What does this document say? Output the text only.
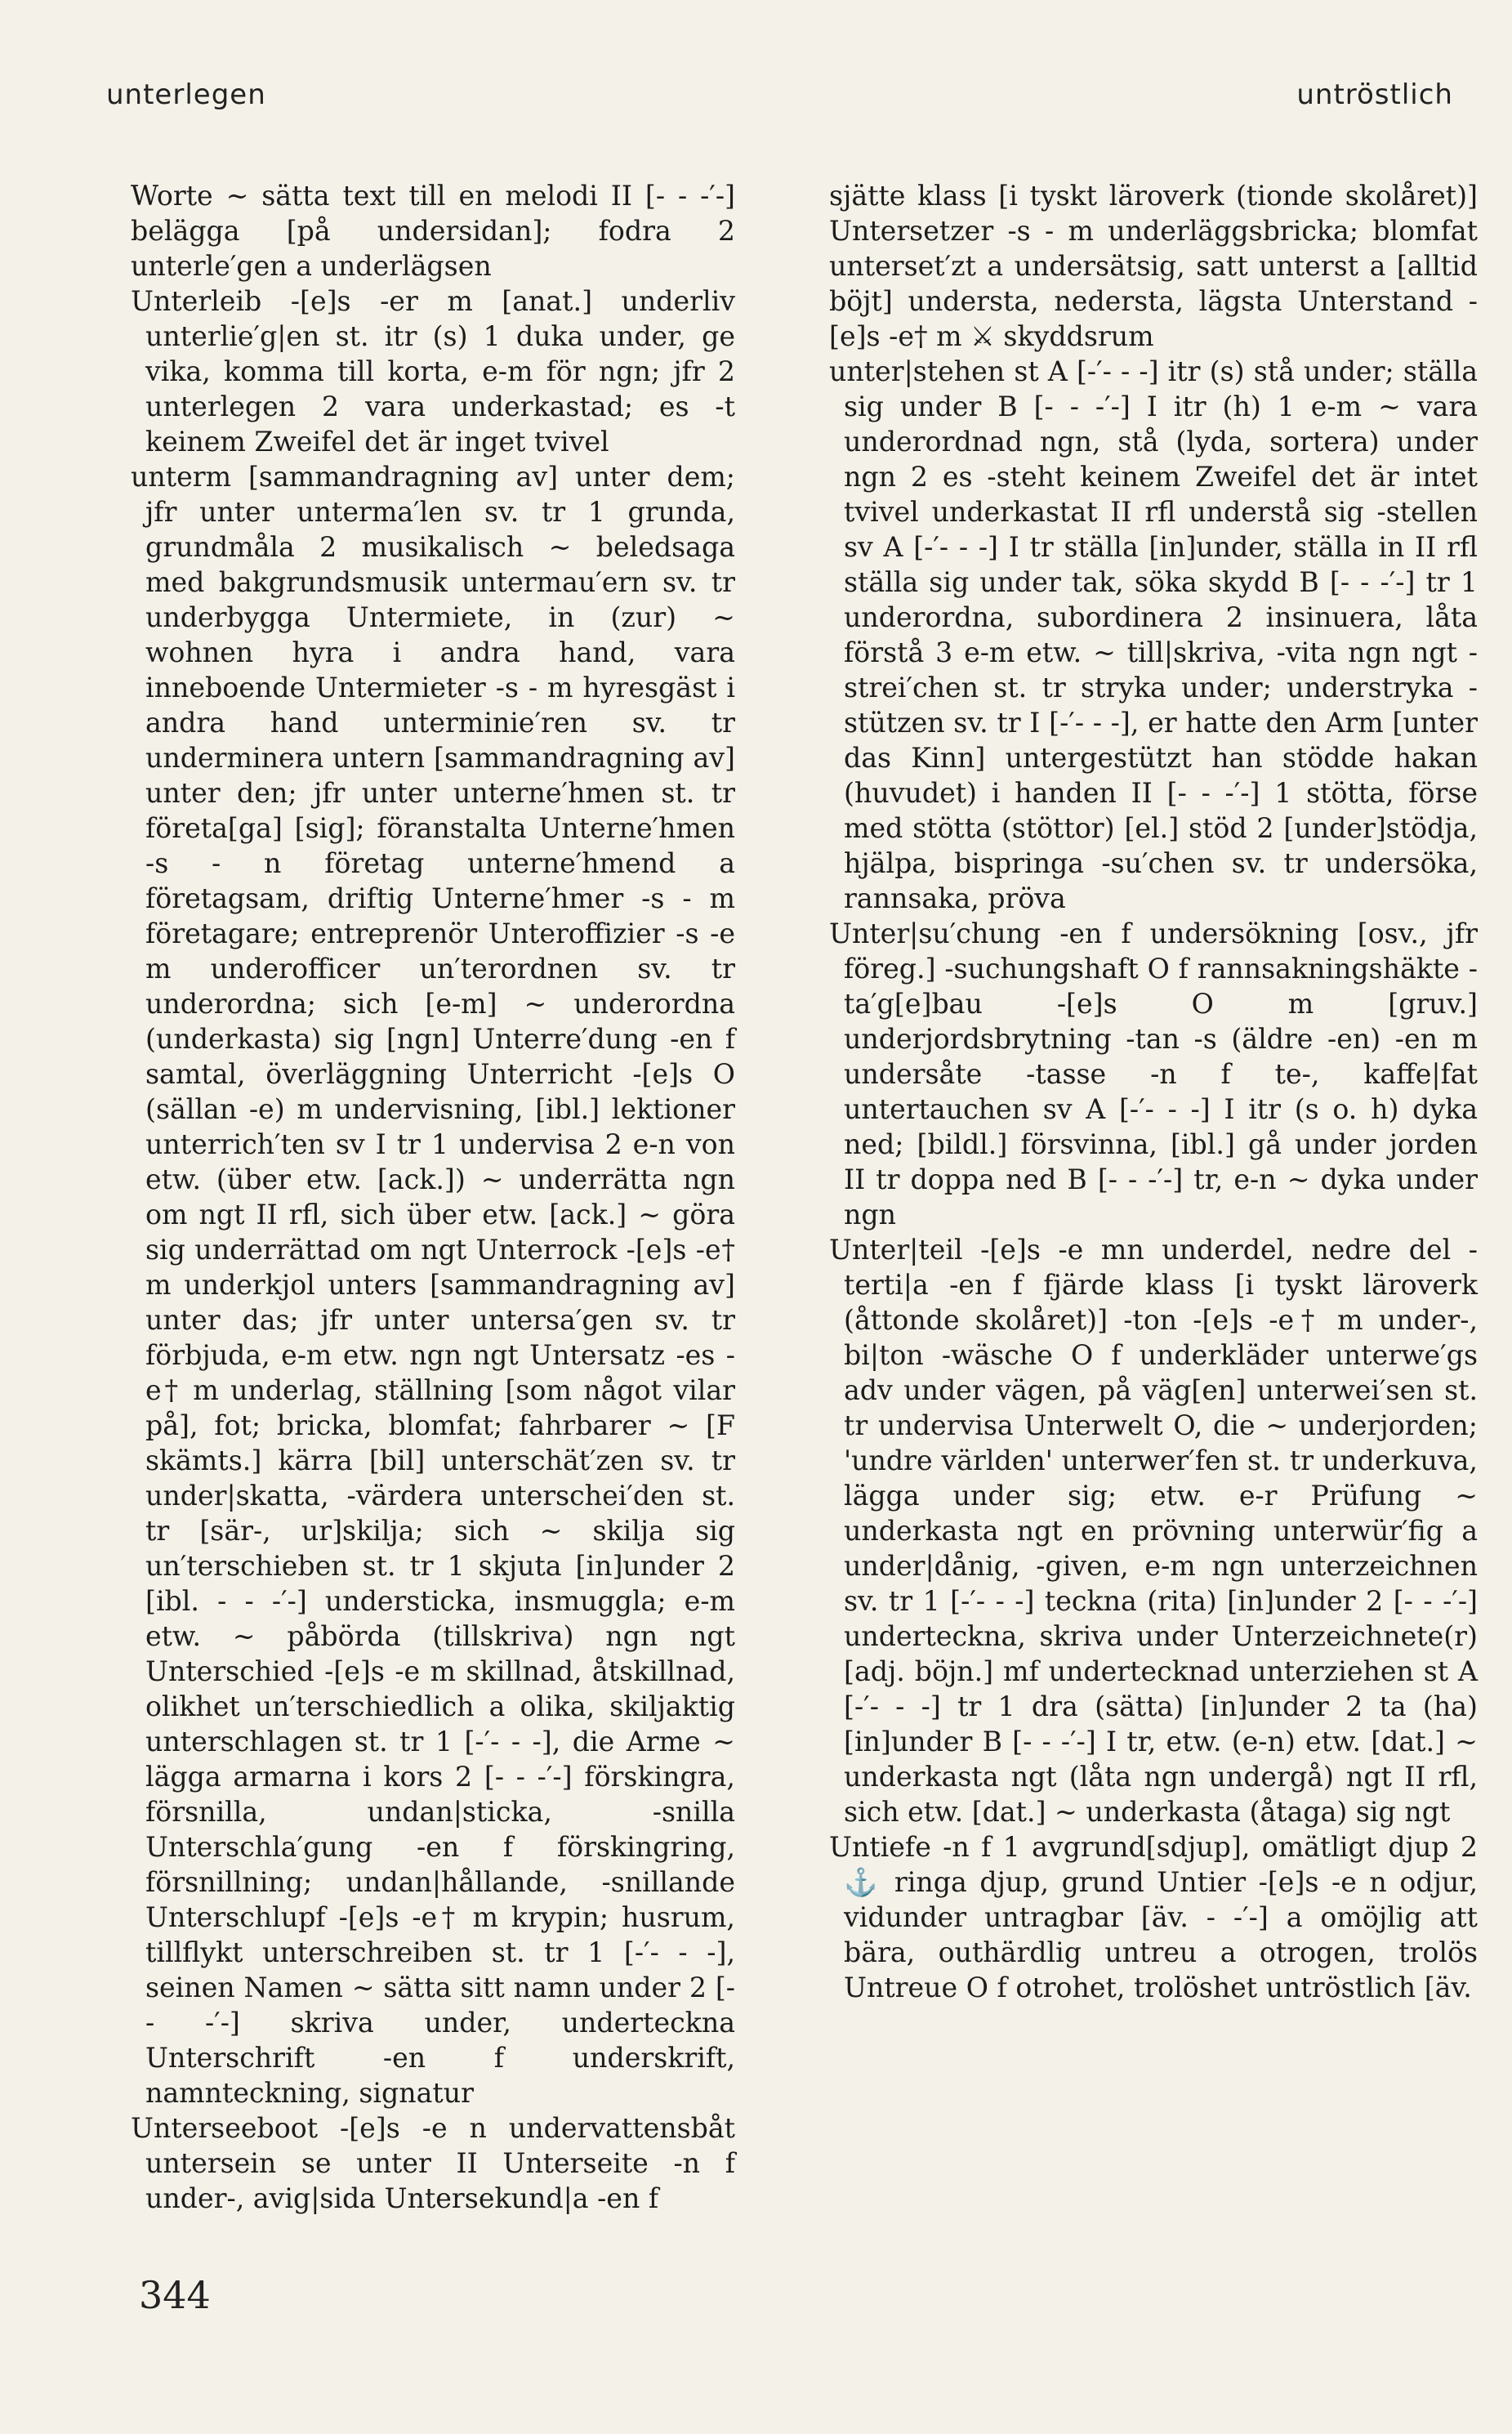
unterlegen	untröstlich

Worte ~ sätta text till en melodi II [- - -′-] belägga [på undersidan]; fodra 2 unterle′gen a underlägsen

Unterleib -[e]s -er m [anat.] underliv unterlie′g|en st. itr (s) 1 duka under, ge vika, komma till korta, e-m för ngn; jfr 2 unterlegen 2 vara underkastad; es -t keinem Zweifel det är inget tvivel

unterm [sammandragning av] unter dem; jfr unter unterma′len sv. tr 1 grunda, grundmåla 2 musikalisch ~ beledsaga med bakgrundsmusik untermau′ern sv. tr underbygga Untermiete, in (zur) ~ wohnen hyra i andra hand, vara inneboende Untermieter -s - m hyresgäst i andra hand unterminie′ren sv. tr underminera untern [sammandragning av] unter den; jfr unter unterne′hmen st. tr företa[ga] [sig]; föranstalta Unterne′hmen -s - n företag unterne′hmend a företagsam, driftig Unterne′hmer -s - m företagare; entreprenör Unteroffizier -s -e m underofficer un′terordnen sv. tr underordna; sich [e-m] ~ underordna (underkasta) sig [ngn] Unterre′dung -en f samtal, överläggning Unterricht -[e]s O (sällan -e) m undervisning, [ibl.] lektioner unterrich′ten sv I tr 1 undervisa 2 e-n von etw. (über etw. [ack.]) ~ underrätta ngn om ngt II rfl, sich über etw. [ack.] ~ göra sig underrättad om ngt Unterrock -[e]s -e† m underkjol unters [sammandragning av] unter das; jfr unter untersa′gen sv. tr förbjuda, e-m etw. ngn ngt Untersatz -es -e† m underlag, ställning [som något vilar på], fot; bricka, blomfat; fahrbarer ~ [F skämts.] kärra [bil] unterschät′zen sv. tr under|skatta, -värdera unterschei′den st. tr [sär-, ur]skilja; sich ~ skilja sig un′terschieben st. tr 1 skjuta [in]under 2 [ibl. - - -′-] understicka, insmuggla; e-m etw. ~ påbörda (tillskriva) ngn ngt Unterschied -[e]s -e m skillnad, åtskillnad, olikhet un′terschiedlich a olika, skiljaktig unterschlagen st. tr 1 [-′- - -], die Arme ~ lägga armarna i kors 2 [- - -′-] förskingra, försnilla, undan|sticka, -snilla Unterschla′gung -en f förskingring, försnillning; undan|hållande, -snillande Unterschlupf -[e]s -e† m krypin; husrum, tillflykt unterschreiben st. tr 1 [-′- - -], seinen Namen ~ sätta sitt namn under 2 [- - -′-] skriva under, underteckna Unterschrift -en f underskrift, namnteckning, signatur

Unterseeboot -[e]s -e n undervattensbåt untersein se unter II Unterseite -n f under-, avig|sida Untersekund|a -en f

sjätte klass [i tyskt läroverk (tionde skolåret)] Untersetzer -s - m underläggsbricka; blomfat unterset′zt a undersätsig, satt unterst a [alltid böjt] understa, nedersta, lägsta Unterstand -[e]s -e† m ⚔ skyddsrum

unter|stehen st A [-′- - -] itr (s) stå under; ställa sig under B [- - -′-] I itr (h) 1 e-m ~ vara underordnad ngn, stå (lyda, sortera) under ngn 2 es -steht keinem Zweifel det är intet tvivel underkastat II rfl understå sig -stellen sv A [-′- - -] I tr ställa [in]under, ställa in II rfl ställa sig under tak, söka skydd B [- - -′-] tr 1 underordna, subordinera 2 insinuera, låta förstå 3 e-m etw. ~ till|skriva, -vita ngn ngt -strei′chen st. tr stryka under; understryka -stützen sv. tr I [-′- - -], er hatte den Arm [unter das Kinn] untergestützt han stödde hakan (huvudet) i handen II [- - -′-] 1 stötta, förse med stötta (stöttor) [el.] stöd 2 [under]stödja, hjälpa, bispringa -su′chen sv. tr undersöka, rannsaka, pröva

Unter|su′chung -en f undersökning [osv., jfr föreg.] -suchungshaft O f rannsakningshäkte -ta′g[e]bau -[e]s O m [gruv.] underjordsbrytning -tan -s (äldre -en) -en m undersåte -tasse -n f te-, kaffe|fat untertauchen sv A [-′- - -] I itr (s o. h) dyka ned; [bildl.] försvinna, [ibl.] gå under jorden II tr doppa ned B [- - -′-] tr, e-n ~ dyka under ngn

Unter|teil -[e]s -e mn underdel, nedre del -terti|a -en f fjärde klass [i tyskt läroverk (åttonde skolåret)] -ton -[e]s -e† m under-, bi|ton -wäsche O f underkläder unterwe′gs adv under vägen, på väg[en] unterwei′sen st. tr undervisa Unterwelt O, die ~ underjorden; 'undre världen' unterwer′fen st. tr underkuva, lägga under sig; etw. e-r Prüfung ~ underkasta ngt en prövning unterwür′fig a under|dånig, -given, e-m ngn unterzeichnen sv. tr 1 [-′- - -] teckna (rita) [in]under 2 [- - -′-] underteckna, skriva under Unterzeichnete(r) [adj. böjn.] mf undertecknad unterziehen st A [-′- - -] tr 1 dra (sätta) [in]under 2 ta (ha) [in]under B [- - -′-] I tr, etw. (e-n) etw. [dat.] ~ underkasta ngt (låta ngn undergå) ngt II rfl, sich etw. [dat.] ~ underkasta (åtaga) sig ngt

Untiefe -n f 1 avgrund[sdjup], omätligt djup 2 ⚓ ringa djup, grund Untier -[e]s -e n odjur, vidunder untragbar [äv. - -′-] a omöjlig att bära, outhärdlig untreu a otrogen, trolös Untreue O f otrohet, trolöshet untröstlich [äv.

344
